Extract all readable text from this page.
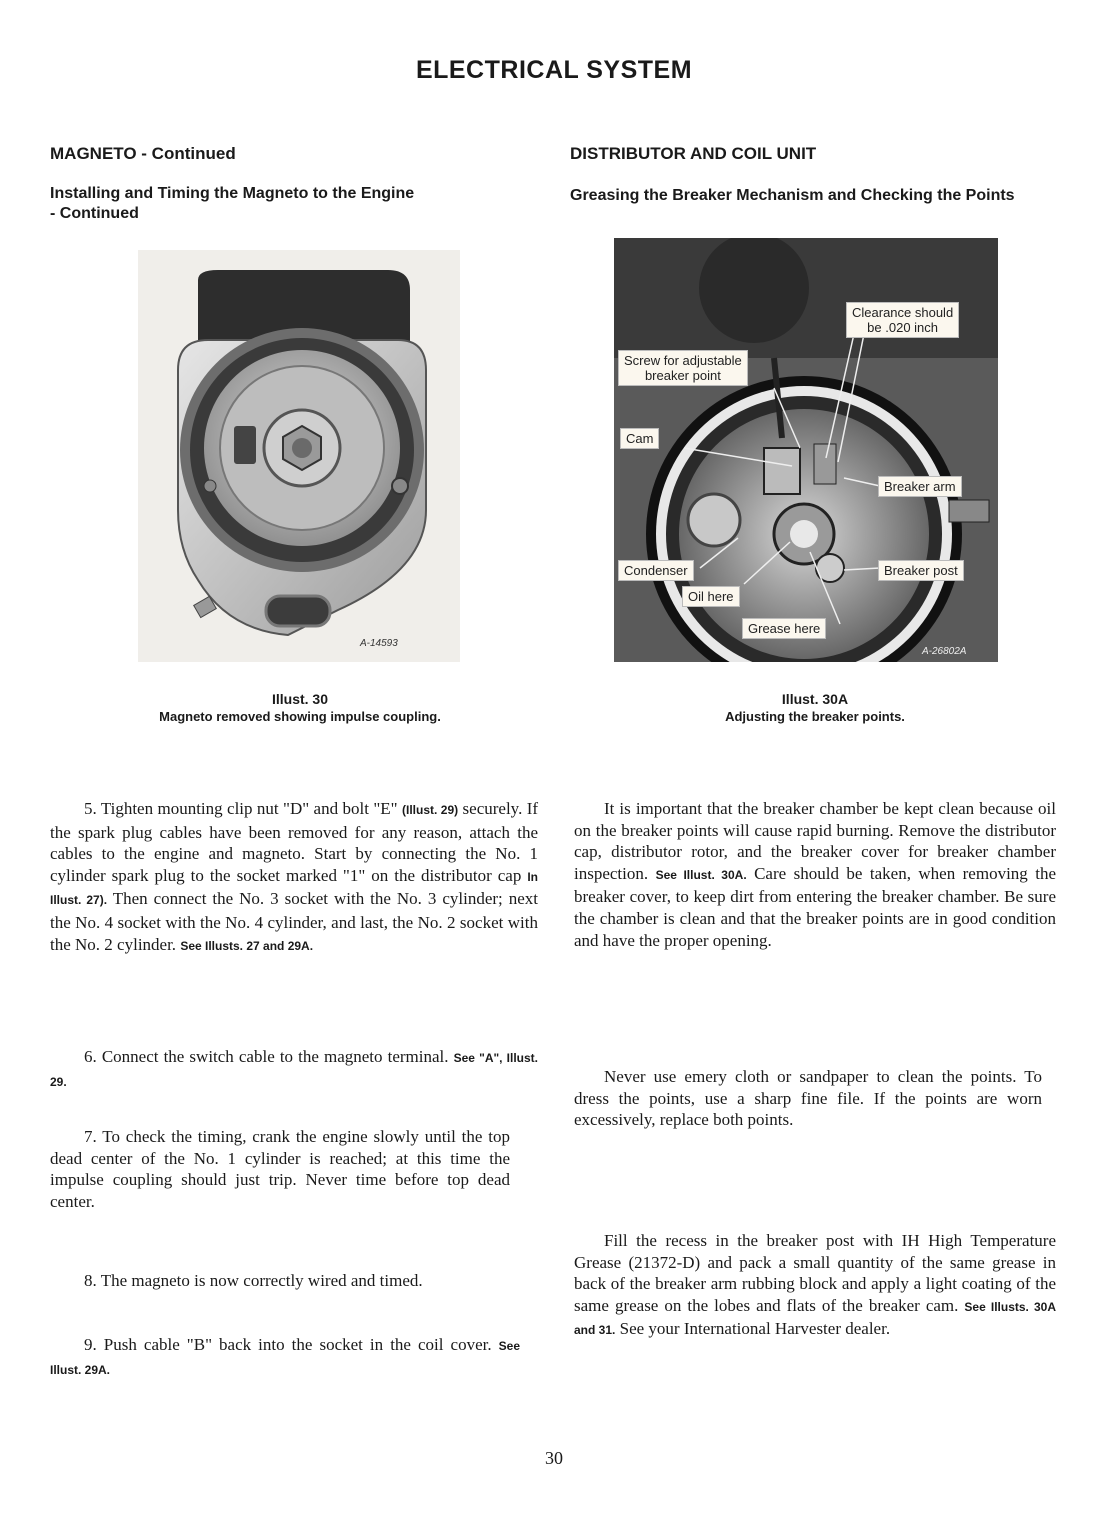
ELECTRICAL SYSTEM
MAGNETO - Continued
Installing and Timing the Magneto to the Engine
- Continued
A-14593
Illust. 30
Magneto removed showing impulse coupling.
5. Tighten mounting clip nut "D" and bolt "E" (Illust. 29) securely. If the spark plug cables have been removed for any reason, attach the cables to the engine and magneto. Start by connecting the No. 1 cylinder spark plug to the socket marked "1" on the distributor cap In Illust. 27). Then connect the No. 3 socket with the No. 3 cylinder; next the No. 4 socket with the No. 4 cylinder, and last, the No. 2 socket with the No. 2 cylinder. See Illusts. 27 and 29A.
6. Connect the switch cable to the magneto terminal. See "A", Illust. 29.
7. To check the timing, crank the engine slowly until the top dead center of the No. 1 cylinder is reached; at this time the impulse coupling should just trip. Never time before top dead center.
8. The magneto is now correctly wired and timed.
9. Push cable "B" back into the socket in the coil cover. See Illust. 29A.
DISTRIBUTOR AND COIL UNIT
Greasing the Breaker Mechanism and Checking the Points
A-26802A
Clearance should
be .020 inch
Screw for adjustable
breaker point
Cam
Breaker arm
Condenser	Breaker post
Oil here
Grease here
Illust. 30A
Adjusting the breaker points.
It is important that the breaker chamber be kept clean because oil on the breaker points will cause rapid burning. Remove the distributor cap, distributor rotor, and the breaker cover for breaker chamber inspection. See Illust. 30A. Care should be taken, when removing the breaker cover, to keep dirt from entering the breaker chamber. Be sure the chamber is clean and that the breaker points are in good condition and have the proper opening.
Never use emery cloth or sandpaper to clean the points. To dress the points, use a sharp fine file. If the points are worn excessively, replace both points.
Fill the recess in the breaker post with IH High Temperature Grease (21372-D) and pack a small quantity of the same grease in back of the breaker arm rubbing block and apply a light coating of the same grease on the lobes and flats of the breaker cam. See Illusts. 30A and 31. See your International Harvester dealer.
30
